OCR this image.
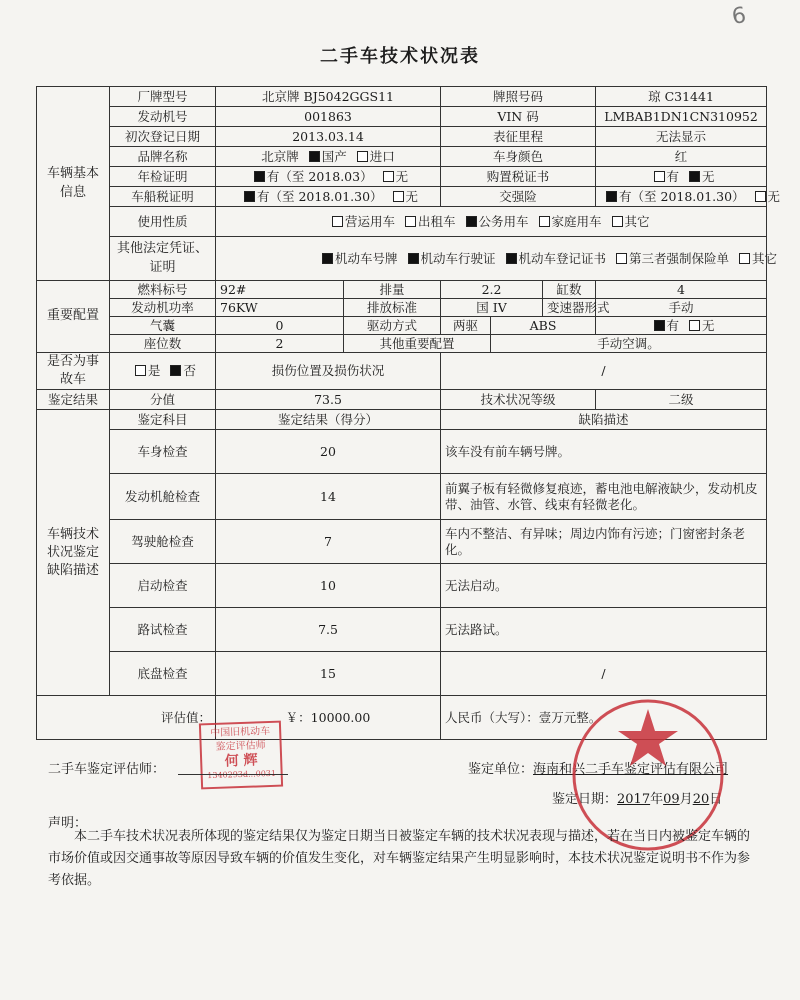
6
二手车技术状况表
车辆基本信息	厂牌型号	北京牌 BJ5042GGS11		牌照号码			琼 C31441
	发动机号	001863		VIN 码			LMBAB1DN1CN310952
	初次登记日期	2013.03.14		表征里程			无法显示
	品牌名称	北京牌 国产 进口		车身颜色			红
	年检证明	有（至 2018.03） 无		购置税证书			有 无
	车船税证明	有（至 2018.01.30） 无		交强险			有（至 2018.01.30） 无
	使用性质	营运用车 出租车 公务用车 家庭用车 其它					
	其他法定凭证、证明	机动车号牌 机动车行驶证 机动车登记证书 第三者强制保险单 其它					
重要配置	燃料标号	92#	排量	2.2		缸数	4
	发动机功率	76KW	排放标准	国 IV		变速器形式	手动
	气囊	0	驱动方式	两驱	ABS		有 无
	座位数	2	其他重要配置		手动空调。		
是否为事故车	是 否	损伤位置及损伤状况		/			
鉴定结果	分值	73.5		技术状况等级			二级
车辆技术状况鉴定缺陷描述	鉴定科目	鉴定结果（得分）		缺陷描述			
	车身检查	20		该车没有前车辆号牌。			
	发动机舱检查	14		前翼子板有轻微修复痕迹，蓄电池电解液缺少，发动机皮带、油管、水管、线束有轻微老化。			
	驾驶舱检查	7		车内不整洁、有异味；周边内饰有污迹；门窗密封条老化。			
	启动检查	10		无法启动。			
	路试检查	7.5		无法路试。			
	底盘检查	15		/			
评估值：		￥：10000.00		人民币（大写）：壹万元整。			
中国旧机动车
鉴定评估师
何 辉
1340293d...0031
二手车鉴定评估师：	鉴定单位：海南和兴二手车鉴定评估有限公司
鉴定日期：2017年09月20日
声明：
本二手车技术状况表所体现的鉴定结果仅为鉴定日期当日被鉴定车辆的技术状况表现与描述，若在当日内被鉴定车辆的市场价值或因交通事故等原因导致车辆的价值发生变化，对车辆鉴定结果产生明显影响时，本技术状况鉴定说明书不作为参考依据。
